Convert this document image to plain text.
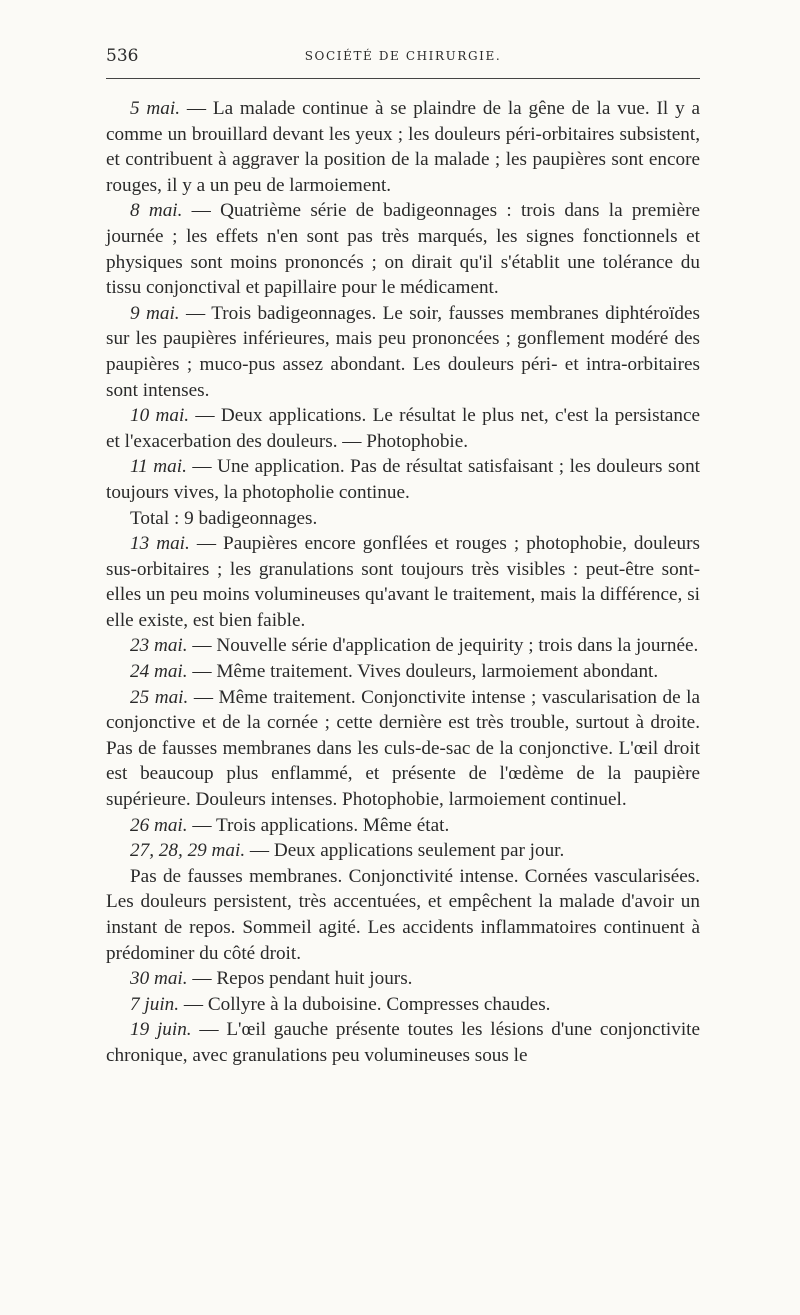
536	SOCIÉTÉ DE CHIRURGIE.

5 mai. — La malade continue à se plaindre de la gêne de la vue. Il y a comme un brouillard devant les yeux ; les douleurs péri-orbitaires subsistent, et contribuent à aggraver la position de la malade ; les paupières sont encore rouges, il y a un peu de larmoiement.

8 mai. — Quatrième série de badigeonnages : trois dans la première journée ; les effets n'en sont pas très marqués, les signes fonctionnels et physiques sont moins prononcés ; on dirait qu'il s'établit une tolérance du tissu conjonctival et papillaire pour le médicament.

9 mai. — Trois badigeonnages. Le soir, fausses membranes diphtéroïdes sur les paupières inférieures, mais peu prononcées ; gonflement modéré des paupières ; muco-pus assez abondant. Les douleurs péri- et intra-orbitaires sont intenses.

10 mai. — Deux applications. Le résultat le plus net, c'est la persistance et l'exacerbation des douleurs. — Photophobie.

11 mai. — Une application. Pas de résultat satisfaisant ; les douleurs sont toujours vives, la photopholie continue.

Total : 9 badigeonnages.

13 mai. — Paupières encore gonflées et rouges ; photophobie, douleurs sus-orbitaires ; les granulations sont toujours très visibles : peut-être sont-elles un peu moins volumineuses qu'avant le traitement, mais la différence, si elle existe, est bien faible.

23 mai. — Nouvelle série d'application de jequirity ; trois dans la journée.

24 mai. — Même traitement. Vives douleurs, larmoiement abondant.

25 mai. — Même traitement. Conjonctivite intense ; vascularisation de la conjonctive et de la cornée ; cette dernière est très trouble, surtout à droite. Pas de fausses membranes dans les culs-de-sac de la conjonctive. L'œil droit est beaucoup plus enflammé, et présente de l'œdème de la paupière supérieure. Douleurs intenses. Photophobie, larmoiement continuel.

26 mai. — Trois applications. Même état.

27, 28, 29 mai. — Deux applications seulement par jour.

Pas de fausses membranes. Conjonctivité intense. Cornées vascularisées. Les douleurs persistent, très accentuées, et empêchent la malade d'avoir un instant de repos. Sommeil agité. Les accidents inflammatoires continuent à prédominer du côté droit.

30 mai. — Repos pendant huit jours.

7 juin. — Collyre à la duboisine. Compresses chaudes.

19 juin. — L'œil gauche présente toutes les lésions d'une conjonctivite chronique, avec granulations peu volumineuses sous le
